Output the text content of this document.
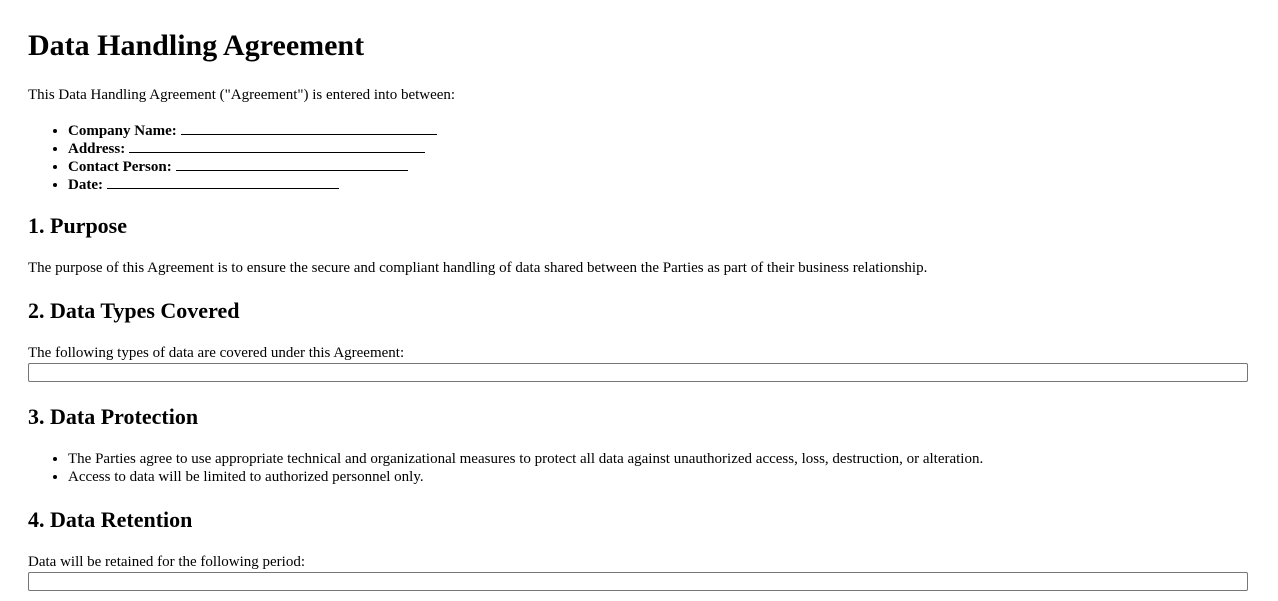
Data Handling Agreement

This Data Handling Agreement ("Agreement") is entered into between:

• Company Name:
• Address:
• Contact Person:
• Date:
1. Purpose

The purpose of this Agreement is to ensure the secure and compliant handling of data shared between the Parties as part of their business relationship.

2. Data Types Covered

The following types of data are covered under this Agreement:

3. Data Protection
• The Parties agree to use appropriate technical and organizational measures to protect all data against unauthorized access, loss, destruction, or alteration.
• Access to data will be limited to authorized personnel only.
4. Data Retention

Data will be retained for the following period:
